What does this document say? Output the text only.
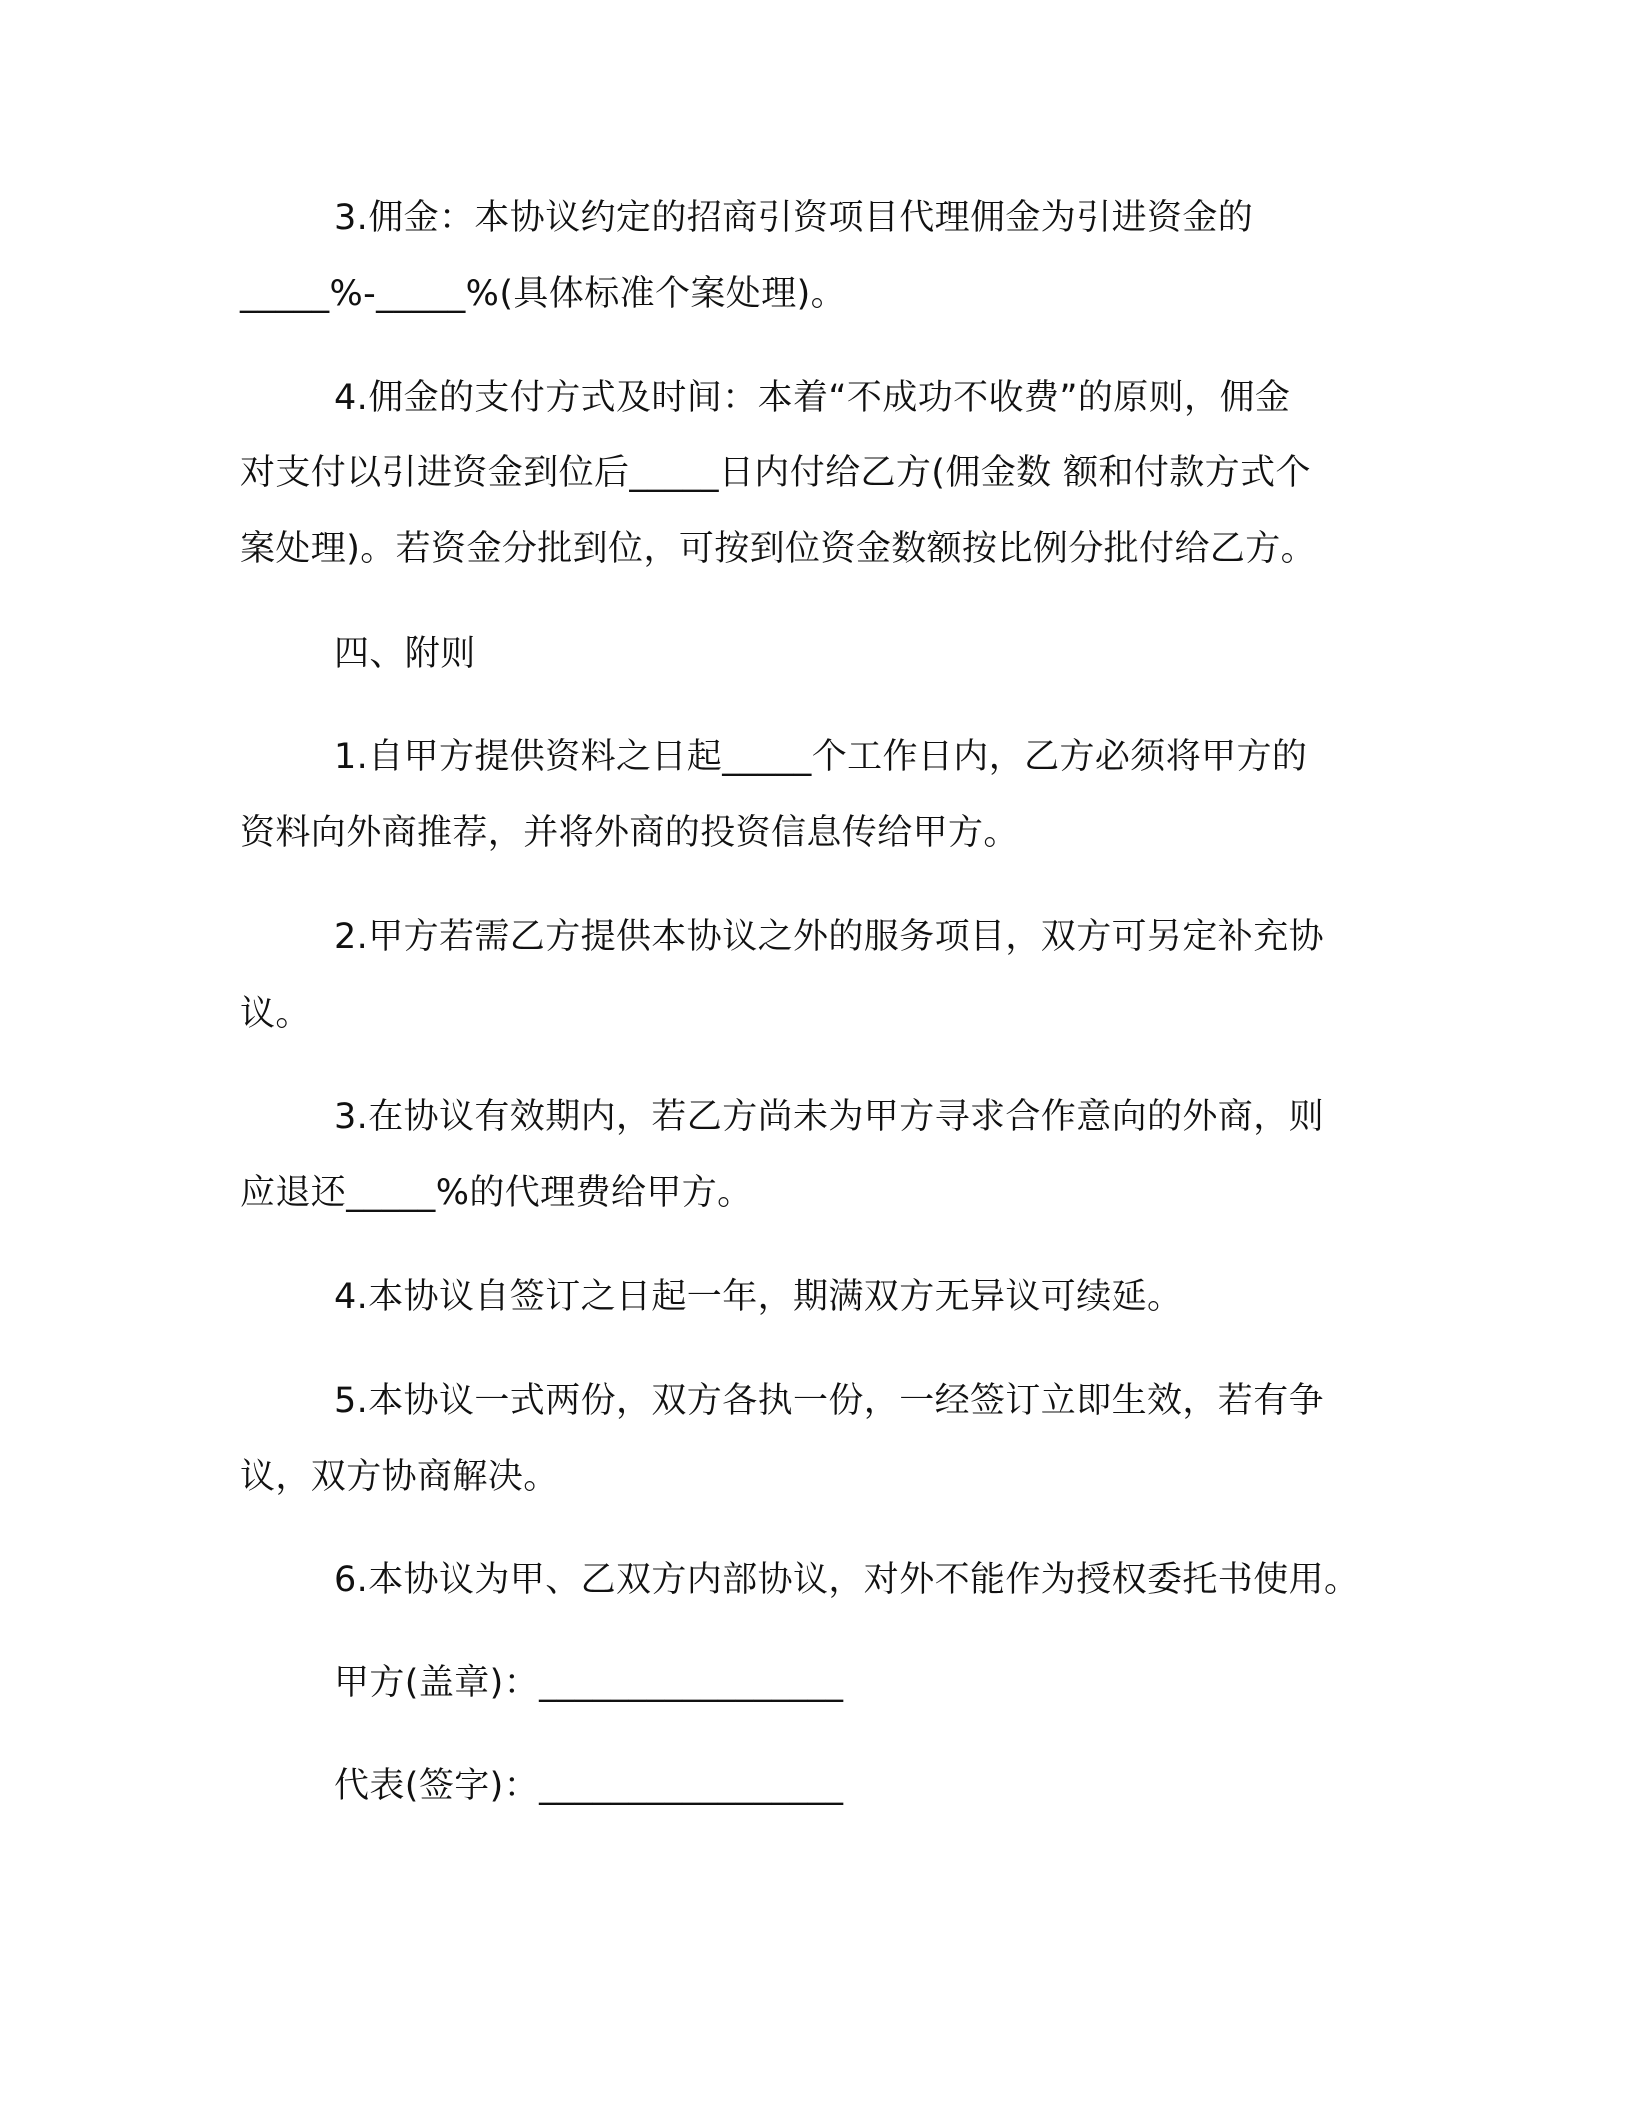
3.佣金：本协议约定的招商引资项目代理佣金为引进资金的
_____%-_____%(具体标准个案处理)。
4.佣金的支付方式及时间：本着“不成功不收费”的原则，佣金
对支付以引进资金到位后_____日内付给乙方(佣金数 额和付款方式个
案处理)。若资金分批到位，可按到位资金数额按比例分批付给乙方。
四、附则
1.自甲方提供资料之日起_____个工作日内，乙方必须将甲方的
资料向外商推荐，并将外商的投资信息传给甲方。
2.甲方若需乙方提供本协议之外的服务项目，双方可另定补充协
议。
3.在协议有效期内，若乙方尚未为甲方寻求合作意向的外商，则
应退还_____%的代理费给甲方。
4.本协议自签订之日起一年，期满双方无异议可续延。
5.本协议一式两份，双方各执一份，一经签订立即生效，若有争
议，双方协商解决。
6.本协议为甲、乙双方内部协议，对外不能作为授权委托书使用。
甲方(盖章)：_________________
代表(签字)：_________________
